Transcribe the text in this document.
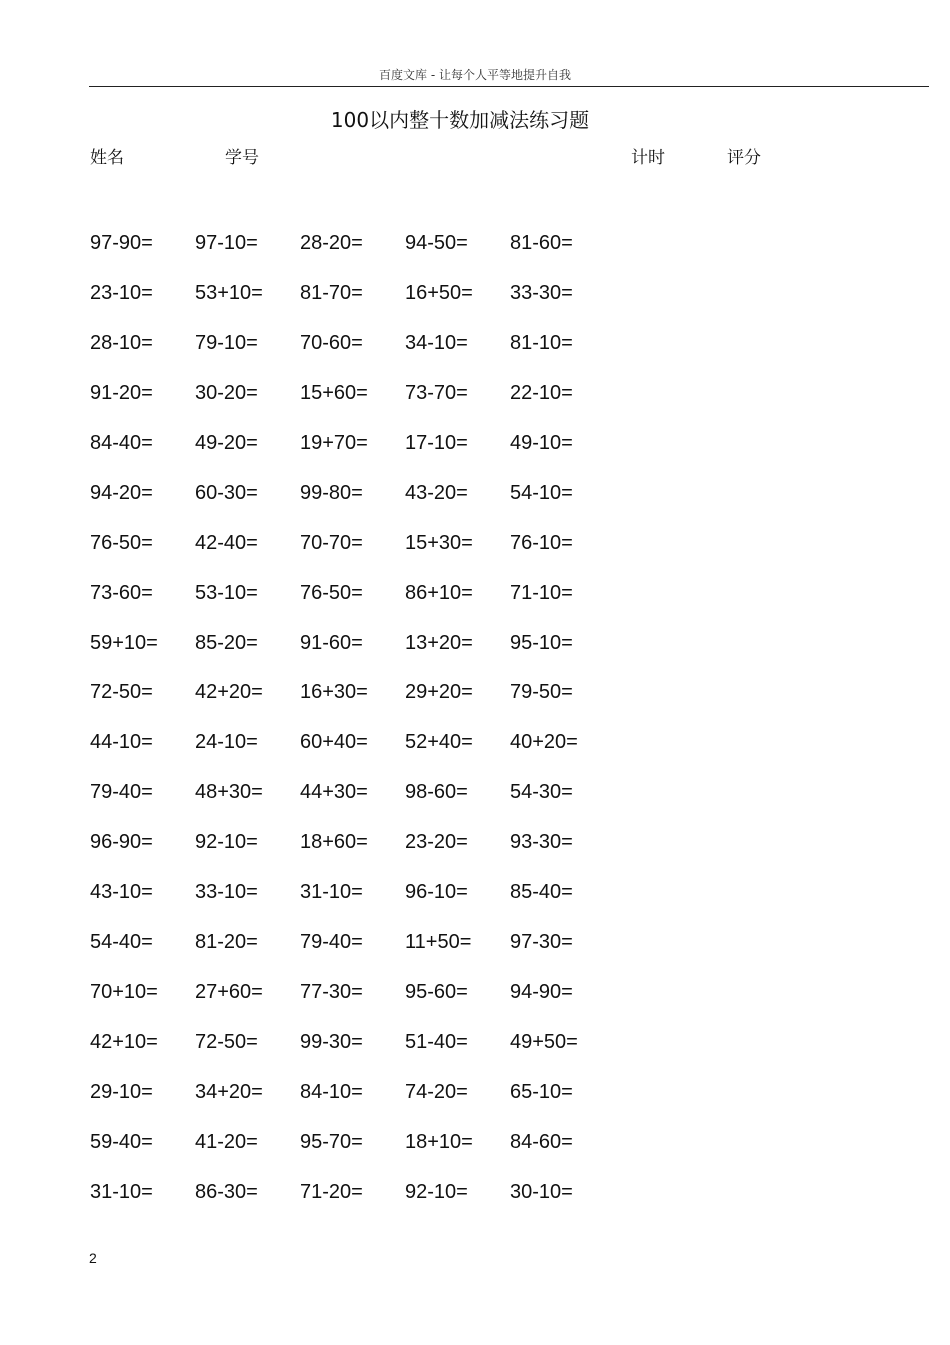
百度文库 - 让每个人平等地提升自我
100以内整十数加减法练习题
姓名	学号	计时	评分
97-90= 97-10= 28-20= 94-50= 81-60=
23-10= 53+10= 81-70= 16+50= 33-30=
28-10= 79-10= 70-60= 34-10= 81-10=
91-20= 30-20= 15+60= 73-70= 22-10=
84-40= 49-20= 19+70= 17-10= 49-10=
94-20= 60-30= 99-80= 43-20= 54-10=
76-50= 42-40= 70-70= 15+30= 76-10=
73-60= 53-10= 76-50= 86+10= 71-10=
59+10= 85-20= 91-60= 13+20= 95-10=
72-50= 42+20= 16+30= 29+20= 79-50=
44-10= 24-10= 60+40= 52+40= 40+20=
79-40= 48+30= 44+30= 98-60= 54-30=
96-90= 92-10= 18+60= 23-20= 93-30=
43-10= 33-10= 31-10= 96-10= 85-40=
54-40= 81-20= 79-40= 11+50= 97-30=
70+10= 27+60= 77-30= 95-60= 94-90=
42+10= 72-50= 99-30= 51-40= 49+50=
29-10= 34+20= 84-10= 74-20= 65-10=
59-40= 41-20= 95-70= 18+10= 84-60=
31-10= 86-30= 71-20= 92-10= 30-10=
2
